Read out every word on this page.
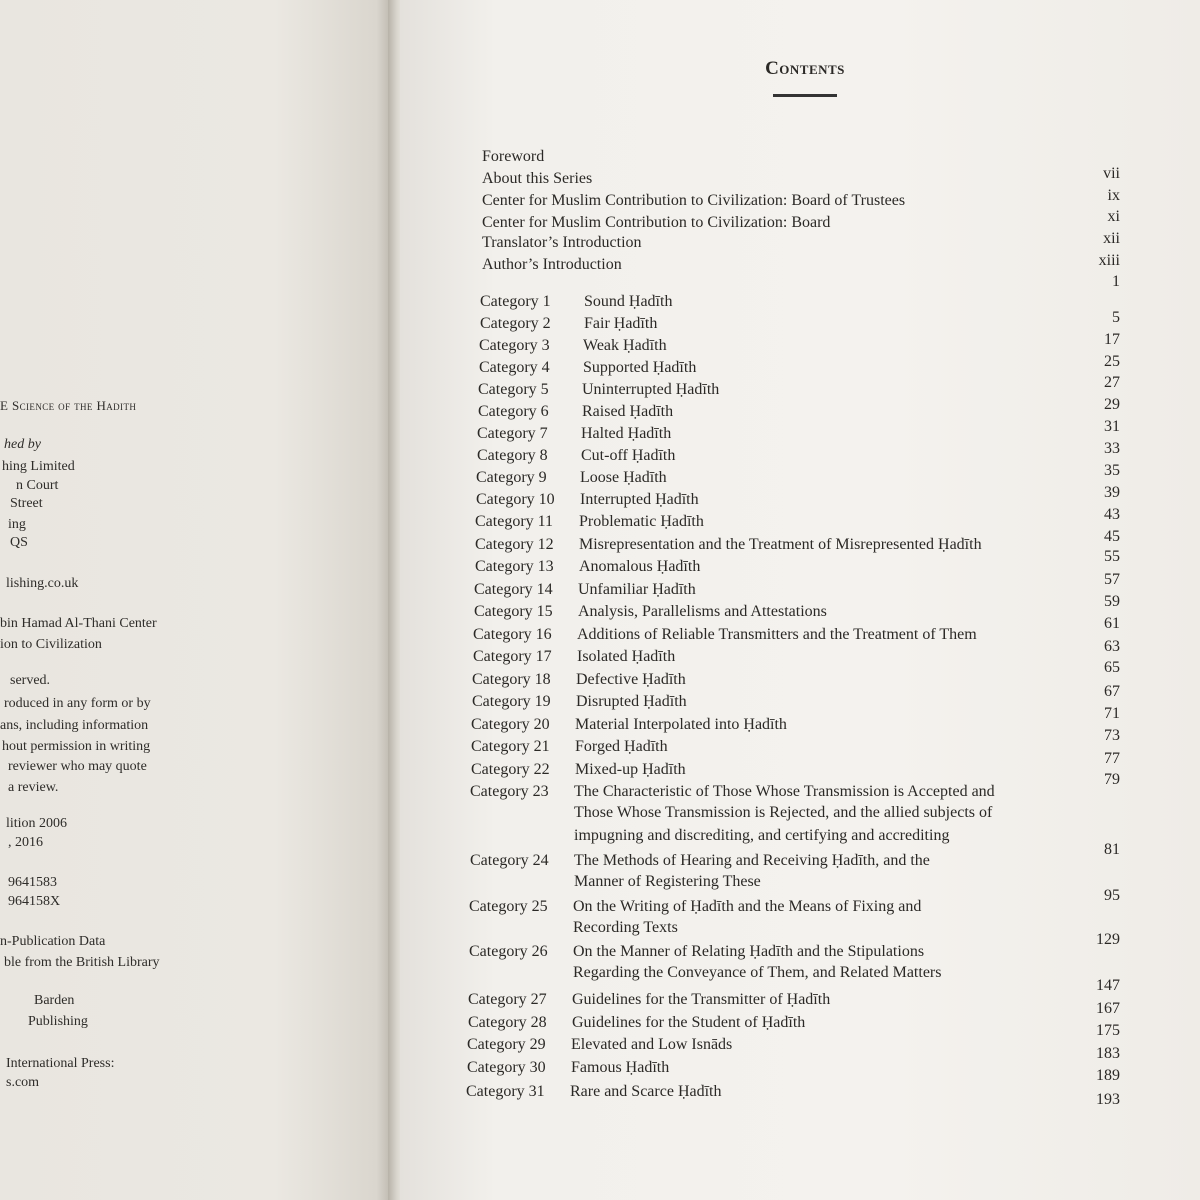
E Science of the Hadith
hed by
hing Limited
n Court
Street
ing
QS
lishing.co.uk
bin Hamad Al-Thani Center
ion to Civilization
served.
roduced in any form or by
ans, including information
hout permission in writing
reviewer who may quote
a review.
lition 2006
, 2016
9641583
964158X
n-Publication Data
ble from the British Library
Barden
Publishing
International Press:
s.com
Contents
Foreword
About this Series
Center for Muslim Contribution to Civilization: Board of Trustees
Center for Muslim Contribution to Civilization: Board
Translator’s Introduction
Author’s Introduction
Category 1 Sound Ḥadīth
Category 2 Fair Ḥadīth
Category 3 Weak Ḥadīth
Category 4 Supported Ḥadīth
Category 5 Uninterrupted Ḥadīth
Category 6 Raised Ḥadīth
Category 7 Halted Ḥadīth
Category 8 Cut-off Ḥadīth
Category 9 Loose Ḥadīth
Category 10 Interrupted Ḥadīth
Category 11 Problematic Ḥadīth
Category 12 Misrepresentation and the Treatment of Misrepresented Ḥadīth
Category 13 Anomalous Ḥadīth
Category 14 Unfamiliar Ḥadīth
Category 15 Analysis, Parallelisms and Attestations
Category 16 Additions of Reliable Transmitters and the Treatment of Them
Category 17 Isolated Ḥadīth
Category 18 Defective Ḥadīth
Category 19 Disrupted Ḥadīth
Category 20 Material Interpolated into Ḥadīth
Category 21 Forged Ḥadīth
Category 22 Mixed-up Ḥadīth
Category 23 The Characteristic of Those Whose Transmission is Accepted and
Those Whose Transmission is Rejected, and the allied subjects of
impugning and discrediting, and certifying and accrediting
Category 24 The Methods of Hearing and Receiving Ḥadīth, and the
Manner of Registering These
Category 25 On the Writing of Ḥadīth and the Means of Fixing and
Recording Texts
Category 26 On the Manner of Relating Ḥadīth and the Stipulations
Regarding the Conveyance of Them, and Related Matters
Category 27 Guidelines for the Transmitter of Ḥadīth
Category 28 Guidelines for the Student of Ḥadīth
Category 29 Elevated and Low Isnāds
Category 30 Famous Ḥadīth
Category 31 Rare and Scarce Ḥadīth
vii
ix
xi
xii
xiii
1
5
17
25
27
29
31
33
35
39
43
45
55
57
59
61
63
65
67
71
73
77
79
81
95
129
147
167
175
183
189
193
